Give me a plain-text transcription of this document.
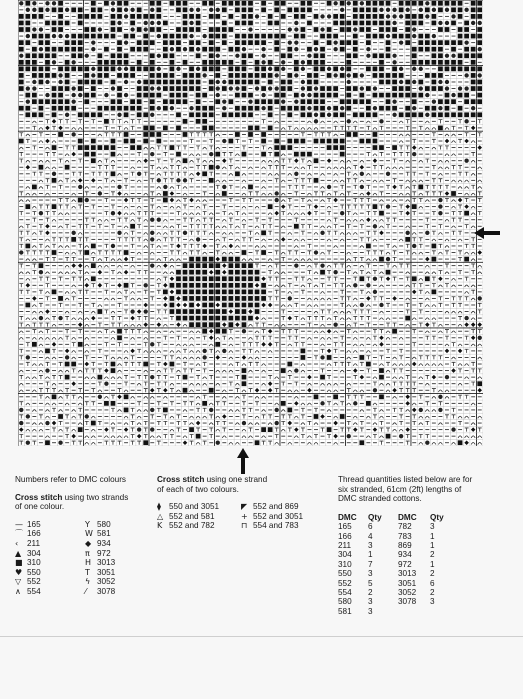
Numbers refer to DMC colours
Cross stitch using two strands
of one colour.
— 165
⌒ 166
‹ 211
▲ 304
■ 310
♥ 550
▽ 552
∧ 554
Y 580
W 581
◆ 934
π 972
H 3013
T 3051
ϟ 3052
⁄ 3078
Cross stitch using one strand
of each of two colours.
⧫ 550 and 3051
△ 552 and 581
K 552 and 782
◤ 552 and 869
+ 552 and 3051
⊓ 554 and 783
Thread quantities listed below are for
six stranded, 61cm (2ft) lengths of
DMC stranded cottons.
DMC	Qty	DMC	Qty
165	6	782	3
166	4	783	1
211	3	869	1
304	1	934	2
310	7	972	1
550	3	3013	2
552	5	3051	6
554	2	3052	2
580	3	3078	3
581	3		
